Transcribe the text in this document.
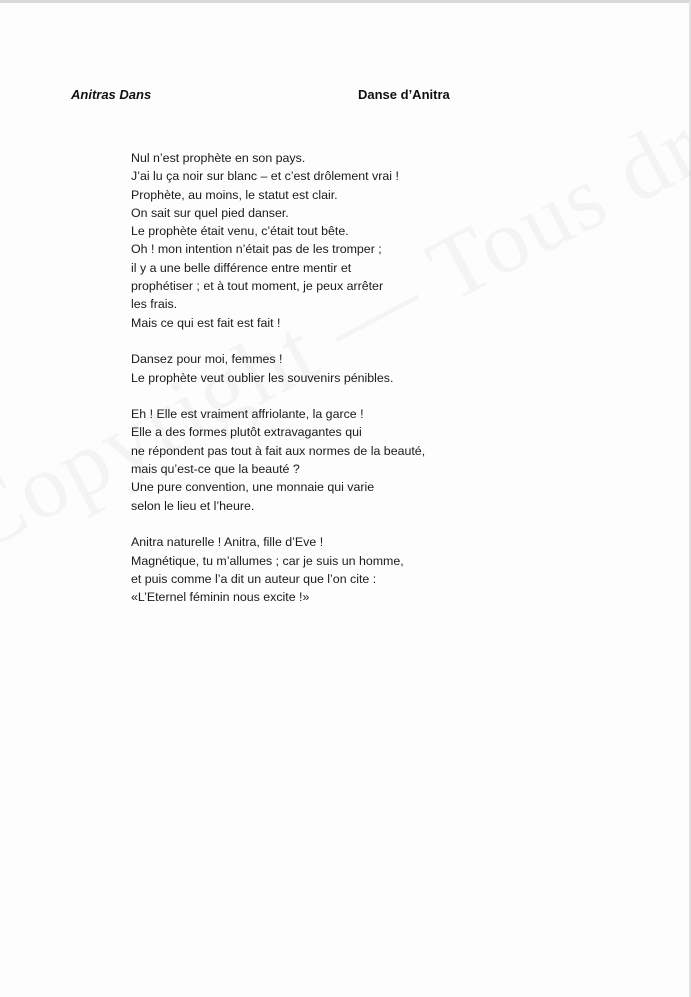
Anitras Dans	Danse d’Anitra
Nul n’est prophète en son pays.
J’ai lu ça noir sur blanc – et c’est drôlement vrai !
Prophète, au moins, le statut est clair.
On sait sur quel pied danser.
Le prophète était venu, c’était tout bête.
Oh ! mon intention n’était pas de les tromper ;
il y a une belle différence entre mentir et
prophétiser ; et à tout moment, je peux arrêter
les frais.
Mais ce qui est fait est fait !
Dansez pour moi, femmes !
Le prophète veut oublier les souvenirs pénibles.
Eh ! Elle est vraiment affriolante, la garce !
Elle a des formes plutôt extravagantes qui
ne répondent pas tout à fait aux normes de la beauté,
mais qu’est-ce que la beauté ?
Une pure convention, une monnaie qui varie
selon le lieu et l’heure.
Anitra naturelle ! Anitra, fille d’Eve !
Magnétique, tu m’allumes ; car je suis un homme,
et puis comme l’a dit un auteur que l’on cite :
«L’Eternel féminin nous excite !»
